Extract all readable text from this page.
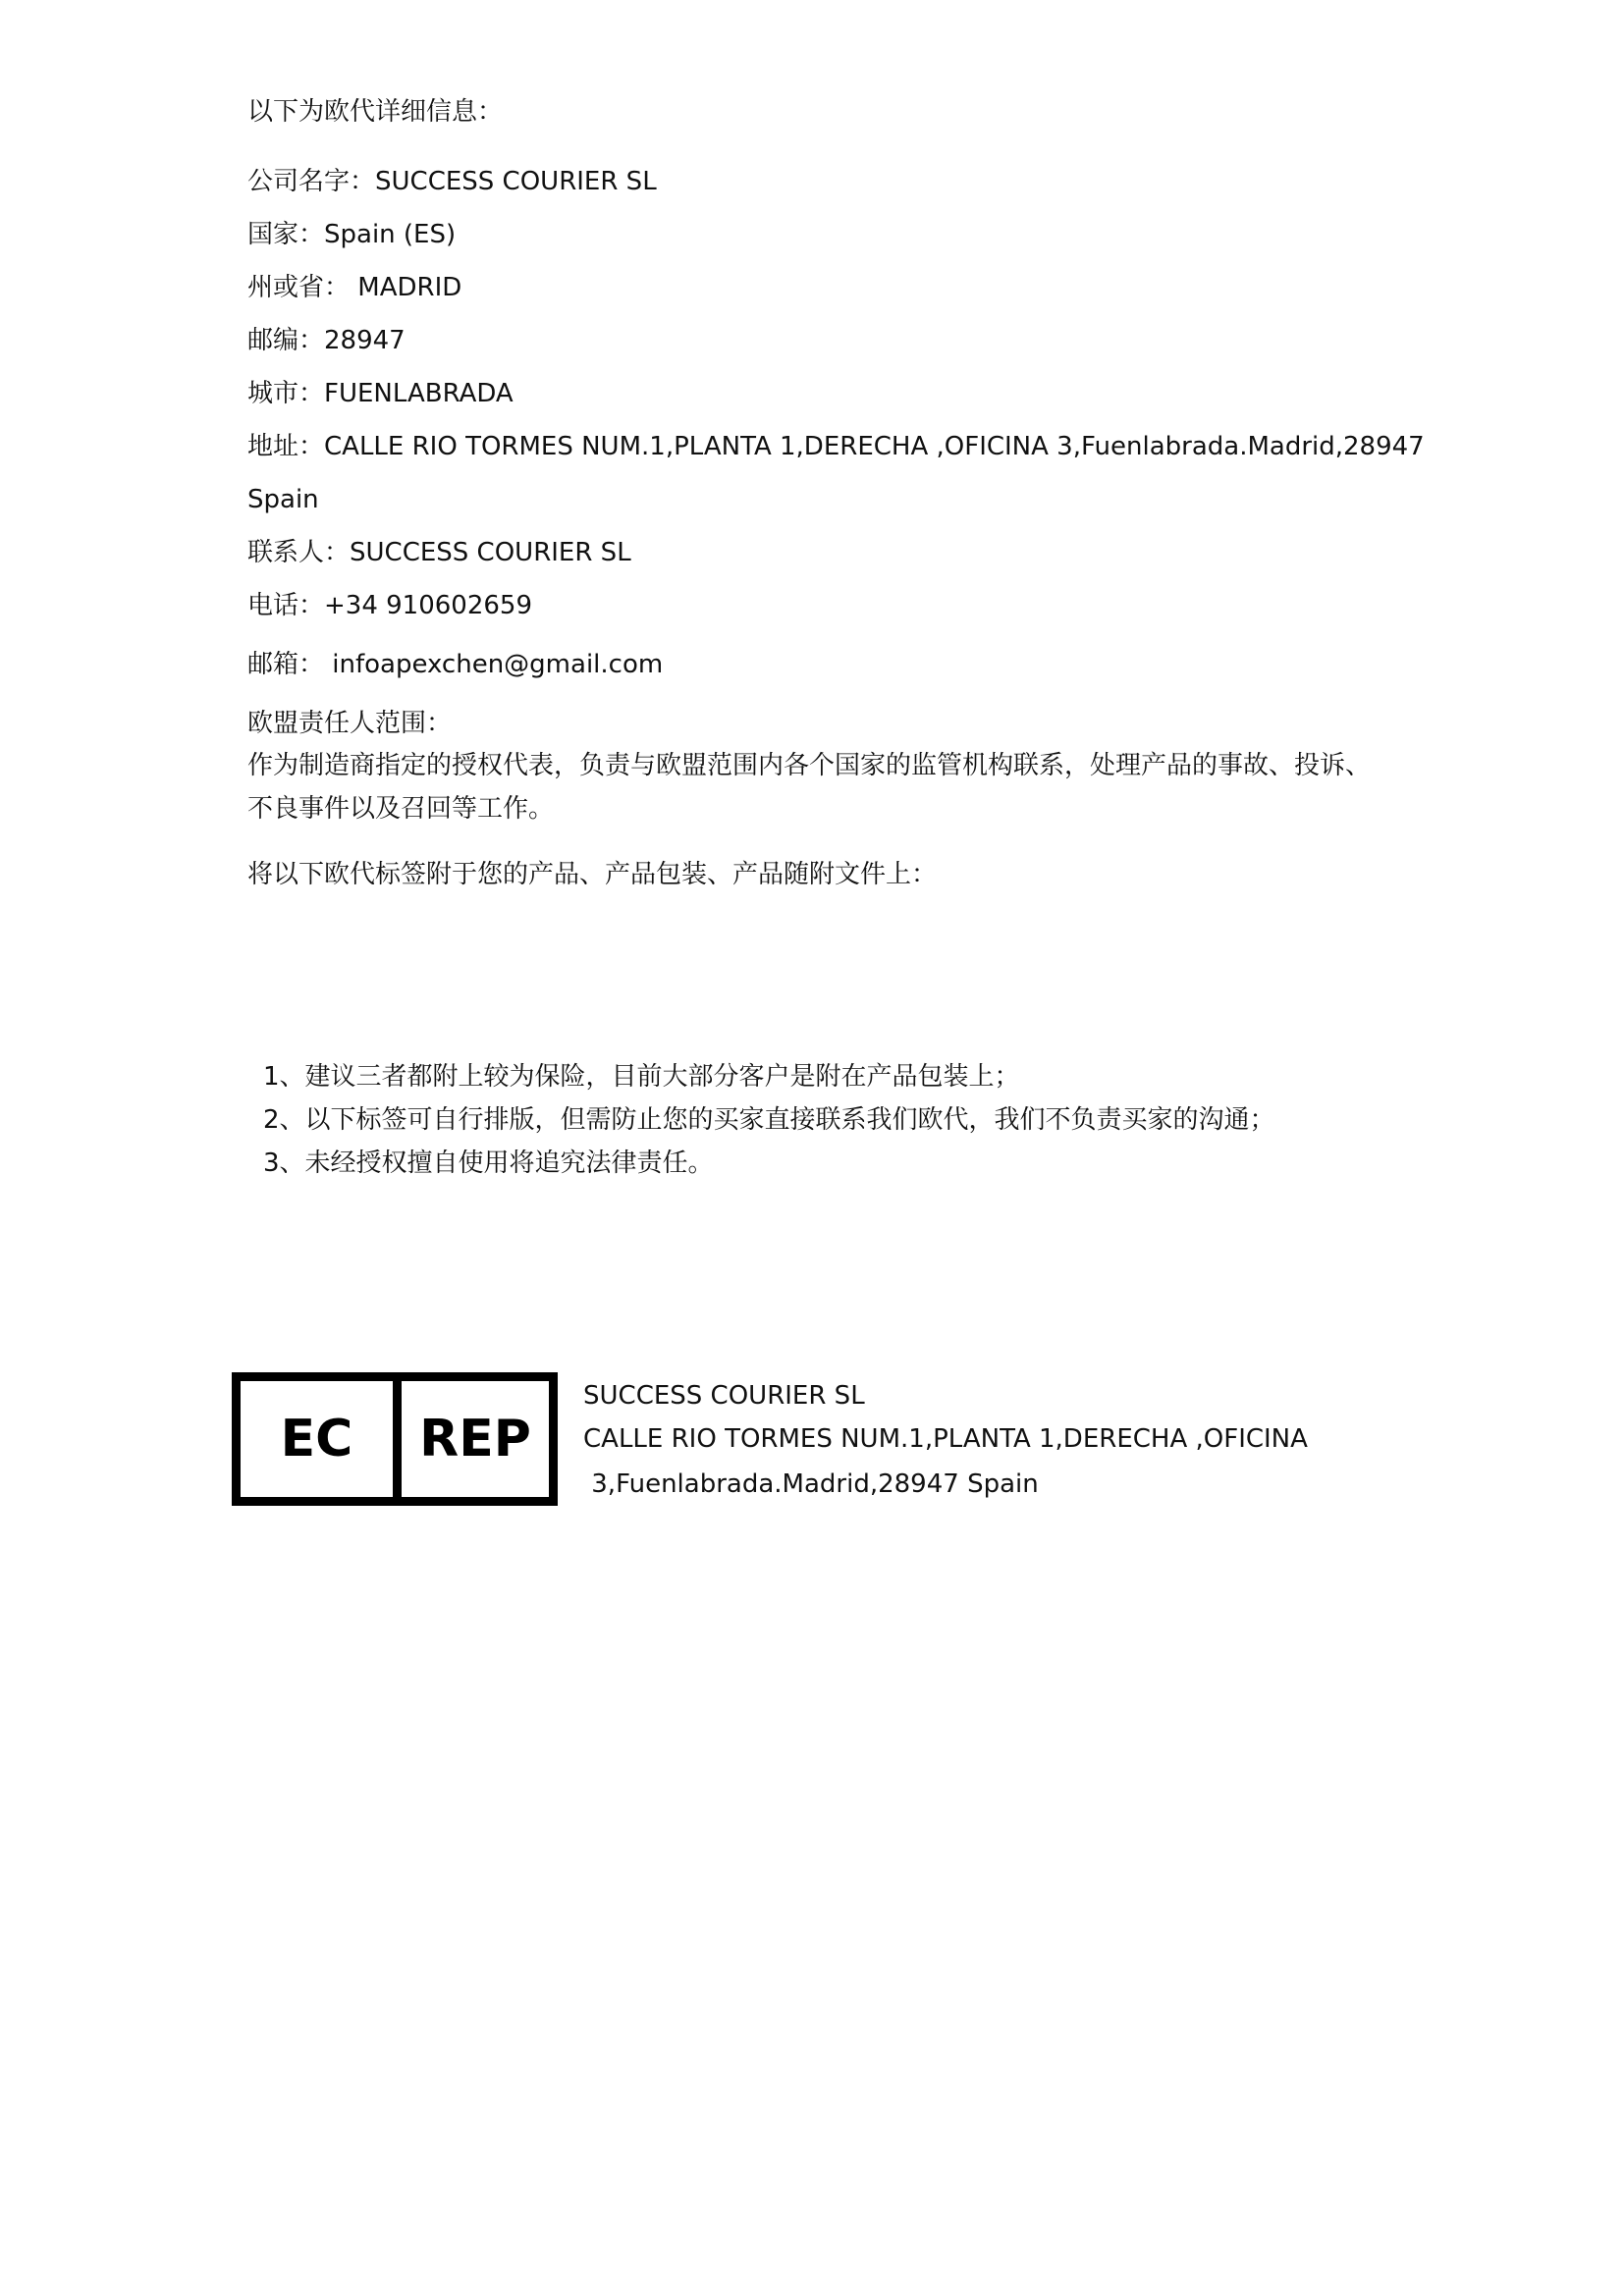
以下为欧代详细信息：
公司名字：SUCCESS COURIER SL
国家：Spain (ES)
州或省： MADRID
邮编：28947
城市：FUENLABRADA
地址：CALLE RIO TORMES NUM.1,PLANTA 1,DERECHA ,OFICINA 3,Fuenlabrada.Madrid,28947
Spain
联系人：SUCCESS COURIER SL
电话：+34 910602659
邮箱： infoapexchen@gmail.com
欧盟责任人范围：
作为制造商指定的授权代表，负责与欧盟范围内各个国家的监管机构联系，处理产品的事故、投诉、不良事件以及召回等工作。
将以下欧代标签附于您的产品、产品包装、产品随附文件上：
1、建议三者都附上较为保险，目前大部分客户是附在产品包装上；
2、以下标签可自行排版，但需防止您的买家直接联系我们欧代，我们不负责买家的沟通；
3、未经授权擅自使用将追究法律责任。
EC	REP
SUCCESS COURIER SL
CALLE RIO TORMES NUM.1,PLANTA 1,DERECHA ,OFICINA
3,Fuenlabrada.Madrid,28947 Spain
